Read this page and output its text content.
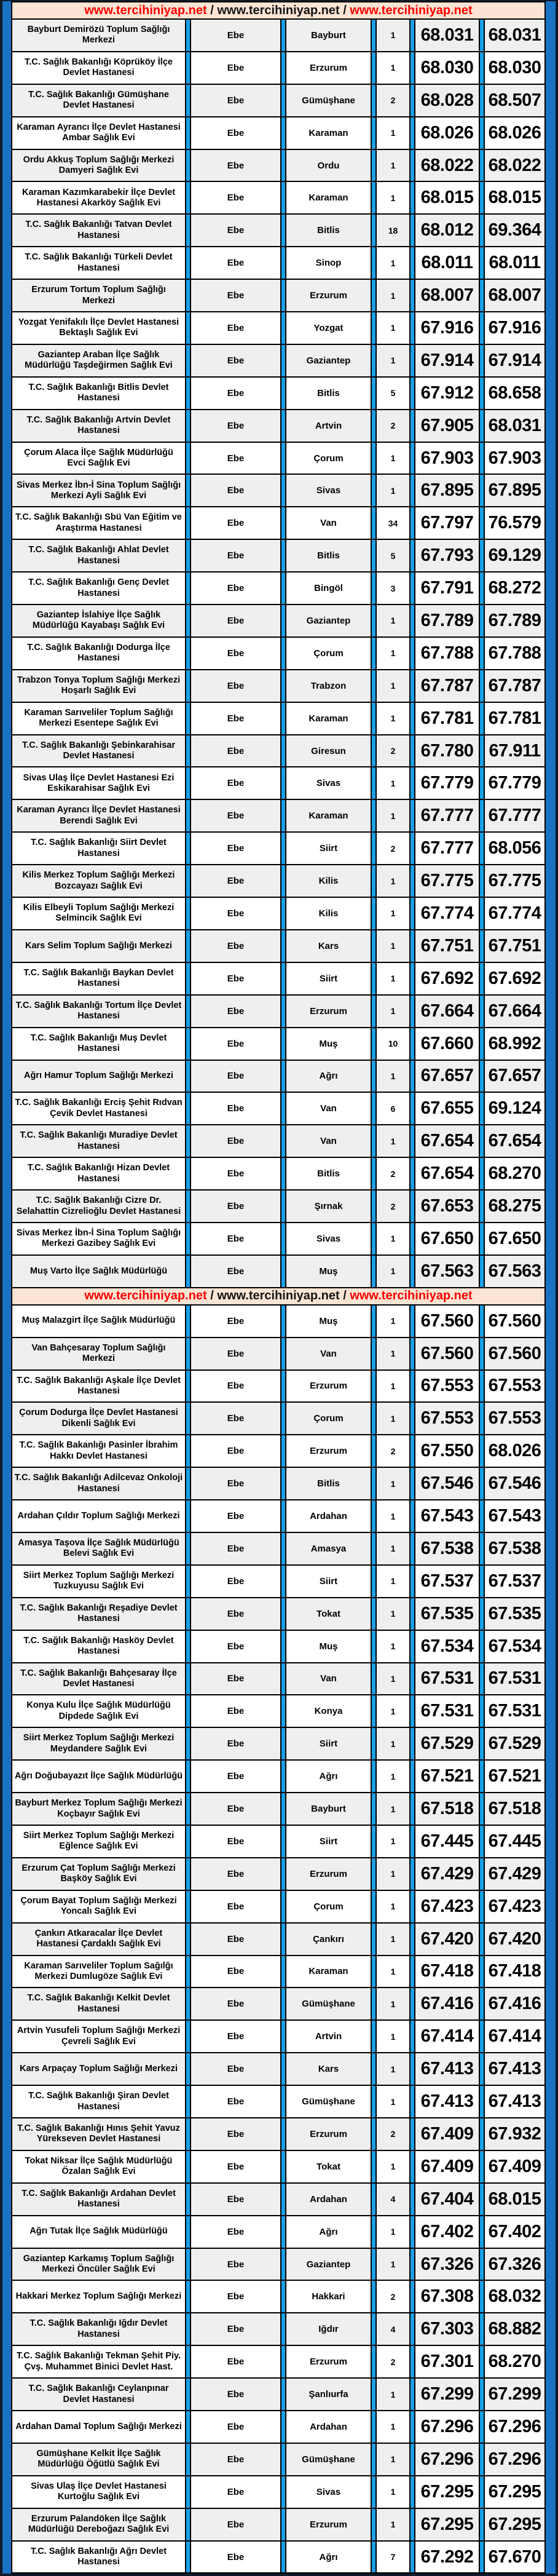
www.tercihiniyap.net / www.tercihiniyap.net / www.tercihiniyap.net
Bayburt Demirözü Toplum Sağlığı Merkezi	Ebe	Bayburt	1	68.031 68.031
T.C. Sağlık Bakanlığı Köprüköy İlçe Devlet Hastanesi	Ebe	Erzurum	1	68.030 68.030
T.C. Sağlık Bakanlığı Gümüşhane Devlet Hastanesi	Ebe	Gümüşhane	2	68.028 68.507
Karaman Ayrancı İlçe Devlet Hastanesi Ambar Sağlık Evi	Ebe	Karaman	1	68.026 68.026
Ordu Akkuş Toplum Sağlığı Merkezi Damyeri Sağlık Evi	Ebe	Ordu	1	68.022 68.022
Karaman Kazımkarabekir İlçe Devlet Hastanesi Akarköy Sağlık Evi	Ebe	Karaman	1	68.015 68.015
T.C. Sağlık Bakanlığı Tatvan Devlet Hastanesi	Ebe	Bitlis	18	68.012 69.364
T.C. Sağlık Bakanlığı Türkeli Devlet Hastanesi	Ebe	Sinop	1	68.011 68.011
Erzurum Tortum Toplum Sağlığı Merkezi	Ebe	Erzurum	1	68.007 68.007
Yozgat Yenifakılı İlçe Devlet Hastanesi Bektaşlı Sağlık Evi	Ebe	Yozgat	1	67.916 67.916
Gaziantep Araban İlçe Sağlık Müdürlüğü Taşdeğirmen Sağlık Evi	Ebe	Gaziantep	1	67.914 67.914
T.C. Sağlık Bakanlığı Bitlis Devlet Hastanesi	Ebe	Bitlis	5	67.912 68.658
T.C. Sağlık Bakanlığı Artvin Devlet Hastanesi	Ebe	Artvin	2	67.905 68.031
Çorum Alaca İlçe Sağlık Müdürlüğü Evci Sağlık Evi	Ebe	Çorum	1	67.903 67.903
Sivas Merkez İbn-İ Sina Toplum Sağlığı Merkezi Ayli Sağlık Evi	Ebe	Sivas	1	67.895 67.895
T.C. Sağlık Bakanlığı Sbü Van Eğitim ve Araştırma Hastanesi	Ebe	Van	34	67.797 76.579
T.C. Sağlık Bakanlığı Ahlat Devlet Hastanesi	Ebe	Bitlis	5	67.793 69.129
T.C. Sağlık Bakanlığı Genç Devlet Hastanesi	Ebe	Bingöl	3	67.791 68.272
Gaziantep İslahiye İlçe Sağlık Müdürlüğü Kayabaşı Sağlık Evi	Ebe	Gaziantep	1	67.789 67.789
T.C. Sağlık Bakanlığı Dodurga İlçe Hastanesi	Ebe	Çorum	1	67.788 67.788
Trabzon Tonya Toplum Sağlığı Merkezi Hoşarlı Sağlık Evi	Ebe	Trabzon	1	67.787 67.787
Karaman Sarıveliler Toplum Sağlığı Merkezi Esentepe Sağlık Evi	Ebe	Karaman	1	67.781 67.781
T.C. Sağlık Bakanlığı Şebinkarahisar Devlet Hastanesi	Ebe	Giresun	2	67.780 67.911
Sivas Ulaş İlçe Devlet Hastanesi Ezi Eskikarahisar Sağlık Evi	Ebe	Sivas	1	67.779 67.779
Karaman Ayrancı İlçe Devlet Hastanesi Berendi Sağlık Evi	Ebe	Karaman	1	67.777 67.777
T.C. Sağlık Bakanlığı Siirt Devlet Hastanesi	Ebe	Siirt	2	67.777 68.056
Kilis Merkez Toplum Sağlığı Merkezi Bozcayazı Sağlık Evi	Ebe	Kilis	1	67.775 67.775
Kilis Elbeyli Toplum Sağlığı Merkezi Selmincik Sağlık Evi	Ebe	Kilis	1	67.774 67.774
Kars Selim Toplum Sağlığı Merkezi	Ebe	Kars	1	67.751 67.751
T.C. Sağlık Bakanlığı Baykan Devlet Hastanesi	Ebe	Siirt	1	67.692 67.692
T.C. Sağlık Bakanlığı Tortum İlçe Devlet Hastanesi	Ebe	Erzurum	1	67.664 67.664
T.C. Sağlık Bakanlığı Muş Devlet Hastanesi	Ebe	Muş	10	67.660 68.992
Ağrı Hamur Toplum Sağlığı Merkezi	Ebe	Ağrı	1	67.657 67.657
T.C. Sağlık Bakanlığı Erciş Şehit Rıdvan Çevik Devlet Hastanesi	Ebe	Van	6	67.655 69.124
T.C. Sağlık Bakanlığı Muradiye Devlet Hastanesi	Ebe	Van	1	67.654 67.654
T.C. Sağlık Bakanlığı Hizan Devlet Hastanesi	Ebe	Bitlis	2	67.654 68.270
T.C. Sağlık Bakanlığı Cizre Dr. Selahattin Cizrelioğlu Devlet Hastanesi	Ebe	Şırnak	2	67.653 68.275
Sivas Merkez İbn-İ Sina Toplum Sağlığı Merkezi Gazibey Sağlık Evi	Ebe	Sivas	1	67.650 67.650
Muş Varto İlçe Sağlık Müdürlüğü	Ebe	Muş	1	67.563 67.563
www.tercihiniyap.net / www.tercihiniyap.net / www.tercihiniyap.net
Muş Malazgirt İlçe Sağlık Müdürlüğü	Ebe	Muş	1	67.560 67.560
Van Bahçesaray Toplum Sağlığı Merkezi	Ebe	Van	1	67.560 67.560
T.C. Sağlık Bakanlığı Aşkale İlçe Devlet Hastanesi	Ebe	Erzurum	1	67.553 67.553
Çorum Dodurga İlçe Devlet Hastanesi Dikenli Sağlık Evi	Ebe	Çorum	1	67.553 67.553
T.C. Sağlık Bakanlığı Pasinler İbrahim Hakkı Devlet Hastanesi	Ebe	Erzurum	2	67.550 68.026
T.C. Sağlık Bakanlığı Adilcevaz Onkoloji Hastanesi	Ebe	Bitlis	1	67.546 67.546
Ardahan Çıldır Toplum Sağlığı Merkezi	Ebe	Ardahan	1	67.543 67.543
Amasya Taşova İlçe Sağlık Müdürlüğü Belevi Sağlık Evi	Ebe	Amasya	1	67.538 67.538
Siirt Merkez Toplum Sağlığı Merkezi Tuzkuyusu Sağlık Evi	Ebe	Siirt	1	67.537 67.537
T.C. Sağlık Bakanlığı Reşadiye Devlet Hastanesi	Ebe	Tokat	1	67.535 67.535
T.C. Sağlık Bakanlığı Hasköy Devlet Hastanesi	Ebe	Muş	1	67.534 67.534
T.C. Sağlık Bakanlığı Bahçesaray İlçe Devlet Hastanesi	Ebe	Van	1	67.531 67.531
Konya Kulu İlçe Sağlık Müdürlüğü Dipdede Sağlık Evi	Ebe	Konya	1	67.531 67.531
Siirt Merkez Toplum Sağlığı Merkezi Meydandere Sağlık Evi	Ebe	Siirt	1	67.529 67.529
Ağrı Doğubayazıt İlçe Sağlık Müdürlüğü	Ebe	Ağrı	1	67.521 67.521
Bayburt Merkez Toplum Sağlığı Merkezi Koçbayır Sağlık Evi	Ebe	Bayburt	1	67.518 67.518
Siirt Merkez Toplum Sağlığı Merkezi Eğlence Sağlık Evi	Ebe	Siirt	1	67.445 67.445
Erzurum Çat Toplum Sağlığı Merkezi Başköy Sağlık Evi	Ebe	Erzurum	1	67.429 67.429
Çorum Bayat Toplum Sağlığı Merkezi Yoncalı Sağlık Evi	Ebe	Çorum	1	67.423 67.423
Çankırı Atkaracalar İlçe Devlet Hastanesi Çardaklı Sağlık Evi	Ebe	Çankırı	1	67.420 67.420
Karaman Sarıveliler Toplum Sağılğı Merkezi Dumlugöze Sağlık Evi	Ebe	Karaman	1	67.418 67.418
T.C. Sağlık Bakanlığı Kelkit Devlet Hastanesi	Ebe	Gümüşhane	1	67.416 67.416
Artvin Yusufeli Toplum Sağlığı Merkezi Çevreli Sağlık Evi	Ebe	Artvin	1	67.414 67.414
Kars Arpaçay Toplum Sağlığı Merkezi	Ebe	Kars	1	67.413 67.413
T.C. Sağlık Bakanlığı Şiran Devlet Hastanesi	Ebe	Gümüşhane	1	67.413 67.413
T.C. Sağlık Bakanlığı Hınıs Şehit Yavuz Yürekseven Devlet Hastanesi	Ebe	Erzurum	2	67.409 67.932
Tokat Niksar İlçe Sağlık Müdürlüğü Özalan Sağlık Evi	Ebe	Tokat	1	67.409 67.409
T.C. Sağlık Bakanlığı Ardahan Devlet Hastanesi	Ebe	Ardahan	4	67.404 68.015
Ağrı Tutak İlçe Sağlık Müdürlüğü	Ebe	Ağrı	1	67.402 67.402
Gaziantep Karkamış Toplum Sağlığı Merkezi Öncüler Sağlık Evi	Ebe	Gaziantep	1	67.326 67.326
Hakkari Merkez Toplum Sağlığı Merkezi	Ebe	Hakkari	2	67.308 68.032
T.C. Sağlık Bakanlığı Iğdır Devlet Hastanesi	Ebe	Iğdır	4	67.303 68.882
T.C. Sağlık Bakanlığı Tekman Şehit Piy. Çvş. Muhammet Binici Devlet Hast.	Ebe	Erzurum	2	67.301 68.270
T.C. Sağlık Bakanlığı Ceylanpınar Devlet Hastanesi	Ebe	Şanlıurfa	1	67.299 67.299
Ardahan Damal Toplum Sağlığı Merkezi	Ebe	Ardahan	1	67.296 67.296
Gümüşhane Kelkit İlçe Sağlık Müdürlüğü Öğütlü Sağlık Evi	Ebe	Gümüşhane	1	67.296 67.296
Sivas Ulaş İlçe Devlet Hastanesi Kurtoğlu Sağlık Evi	Ebe	Sivas	1	67.295 67.295
Erzurum Palandöken İlçe Sağlık Müdürlüğü Dereboğazı Sağlık Evi	Ebe	Erzurum	1	67.295 67.295
T.C. Sağlık Bakanlığı Ağrı Devlet Hastanesi	Ebe	Ağrı	7	67.292 67.670
